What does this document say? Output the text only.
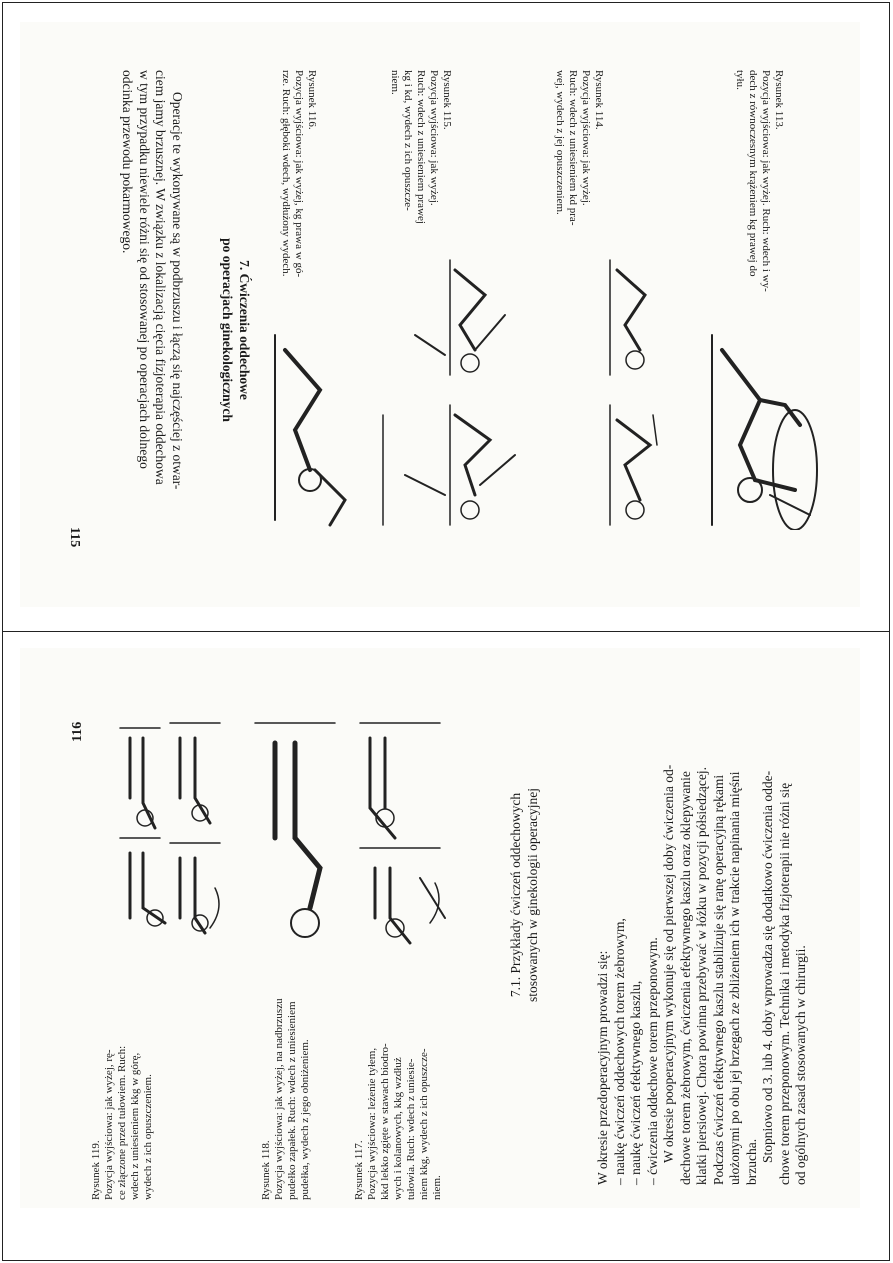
Rysunek 113.
Pozycja wyjściowa: jak wyżej. Ruch: wdech i wy-
dech z równoczesnym krążeniem kg prawej do
tyłu.
Rysunek 114.
Pozycja wyjściowa: jak wyżej.
Ruch: wdech z uniesieniem kd pra-
wej, wydech z jej opuszczeniem.
Rysunek 115.
Pozycja wyjściowa: jak wyżej.
Ruch: wdech z uniesieniem prawej
kg i kd, wydech z ich opuszcze-
niem.
Rysunek 116.
Pozycja wyjściowa: jak wyżej, kg prawa w gó-
rze. Ruch: głęboki wdech, wydłużony wydech.
7. Ćwiczenia oddechowe
po operacjach ginekologicznych
Operacje te wykonywane są w podbrzuszu i łączą się najczęściej z otwar-
ciem jamy brzusznej. W związku z lokalizacją cięcia fizjoterapia oddechowa
w tym przypadku niewiele różni się od stosowanej po operacjach dolnego
odcinka przewodu pokarmowego.
115
W okresie przedoperacyjnym prowadzi się: – naukę ćwiczeń oddechowych torem żebrowym, – naukę ćwiczeń efektywnego kaszlu, – ćwiczenia oddechowe torem przeponowym. W okresie pooperacyjnym wykonuje się od pierwszej doby ćwiczenia od- dechowe torem żebrowym, ćwiczenia efektywnego kaszlu oraz oklepywanie klatki piersiowej. Chora powinna przebywać w łóżku w pozycji półsiedzącej. Podczas ćwiczeń efektywnego kaszlu stabilizuje się ranę operacyjną rękami ułożonymi po obu jej brzegach ze zbliżeniem ich w trakcie napinania mięśni brzucha. Stopniowo od 3. lub 4. doby wprowadza się dodatkowo ćwiczenia odde- chowe torem przeponowym. Technika i metodyka fizjoterapii nie różni się od ogólnych zasad stosowanych w chirurgii.
7.1. Przykłady ćwiczeń oddechowych stosowanych w ginekologii operacyjnej
Rysunek 117. Pozycja wyjściowa: leżenie tyłem, kkd lekko zgięte w stawach biodro- wych i kolanowych, kkg wzdłuż tułowia. Ruch: wdech z uniesie- niem kkg, wydech z ich opuszcze- niem.
Rysunek 118. Pozycja wyjściowa: jak wyżej, na nadbrzuszu pudełko zapałek. Ruch: wdech z uniesieniem pudełka, wydech z jego obniżeniem.
Rysunek 119. Pozycja wyjściowa: jak wyżej, rę- ce złączone przed tułowiem. Ruch: wdech z uniesieniem kkg w górę, wydech z ich opuszczeniem.
116
